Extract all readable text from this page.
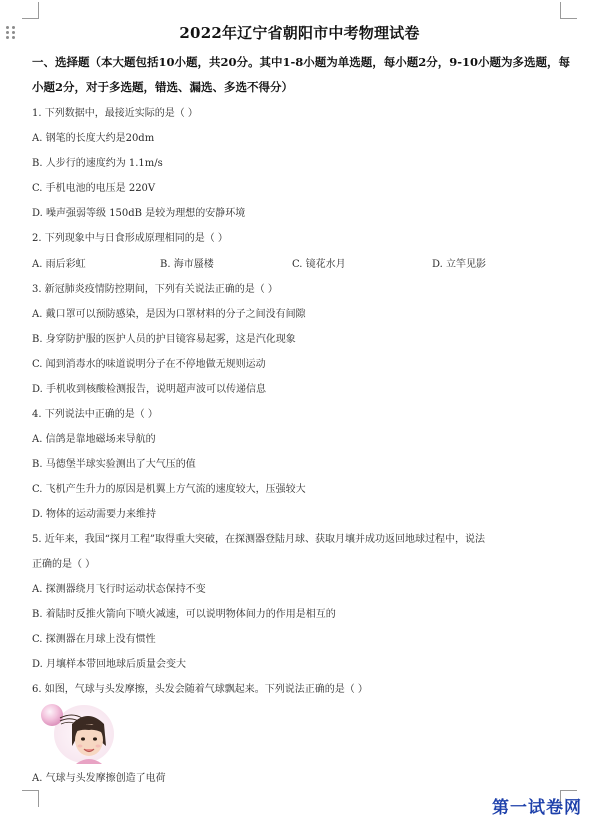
2022年辽宁省朝阳市中考物理试卷
一、选择题（本大题包括10小题，共20分。其中1-8小题为单选题，每小题2分，9-10小题为多选题，每小题2分，对于多选题，错选、漏选、多选不得分）
1. 下列数据中，最接近实际的是（ ）
A. 钢笔的长度大约是20dm
B. 人步行的速度约为 1.1m/s
C. 手机电池的电压是 220V
D. 噪声强弱等级 150dB 是较为理想的安静环境
2. 下列现象中与日食形成原理相同的是（ ）
A. 雨后彩虹	B. 海市蜃楼	C. 镜花水月	D. 立竿见影
3. 新冠肺炎疫情防控期间，下列有关说法正确的是（ ）
A. 戴口罩可以预防感染，是因为口罩材料的分子之间没有间隙
B. 身穿防护服的医护人员的护目镜容易起雾，这是汽化现象
C. 闻到消毒水的味道说明分子在不停地做无规则运动
D. 手机收到核酸检测报告，说明超声波可以传递信息
4. 下列说法中正确的是（ ）
A. 信鸽是靠地磁场来导航的
B. 马德堡半球实验测出了大气压的值
C. 飞机产生升力的原因是机翼上方气流的速度较大，压强较大
D. 物体的运动需要力来维持
5. 近年来，我国“探月工程”取得重大突破，在探测器登陆月球、获取月壤并成功返回地球过程中，说法
正确的是（ ）
A. 探测器绕月飞行时运动状态保持不变
B. 着陆时反推火箭向下喷火减速，可以说明物体间力的作用是相互的
C. 探测器在月球上没有惯性
D. 月壤样本带回地球后质量会变大
6. 如图，气球与头发摩擦，头发会随着气球飘起来。下列说法正确的是（ ）
A. 气球与头发摩擦创造了电荷
第一试卷网
